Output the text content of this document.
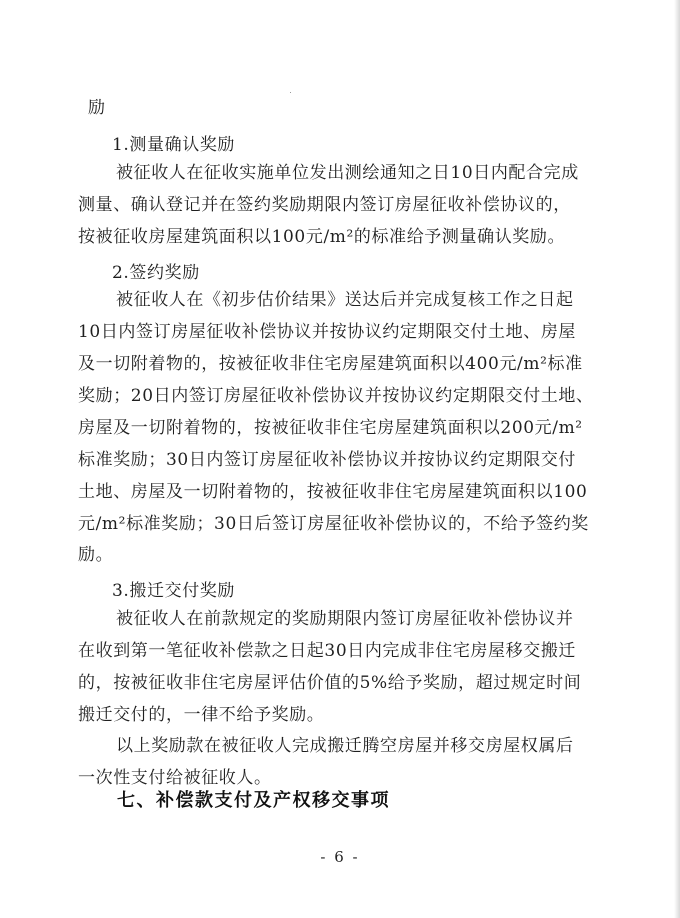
励
1.测量确认奖励
被征收人在征收实施单位发出测绘通知之日10日内配合完成
测量、确认登记并在签约奖励期限内签订房屋征收补偿协议的，
按被征收房屋建筑面积以100元/m²的标准给予测量确认奖励。
2.签约奖励
被征收人在《初步估价结果》送达后并完成复核工作之日起
10日内签订房屋征收补偿协议并按协议约定期限交付土地、房屋
及一切附着物的，按被征收非住宅房屋建筑面积以400元/m²标准
奖励；20日内签订房屋征收补偿协议并按协议约定期限交付土地、
房屋及一切附着物的，按被征收非住宅房屋建筑面积以200元/m²
标准奖励；30日内签订房屋征收补偿协议并按协议约定期限交付
土地、房屋及一切附着物的，按被征收非住宅房屋建筑面积以100
元/m²标准奖励；30日后签订房屋征收补偿协议的，不给予签约奖
励。
3.搬迁交付奖励
被征收人在前款规定的奖励期限内签订房屋征收补偿协议并
在收到第一笔征收补偿款之日起30日内完成非住宅房屋移交搬迁
的，按被征收非住宅房屋评估价值的5%给予奖励，超过规定时间
搬迁交付的，一律不给予奖励。
以上奖励款在被征收人完成搬迁腾空房屋并移交房屋权属后
一次性支付给被征收人。
七、补偿款支付及产权移交事项
- 6 -
